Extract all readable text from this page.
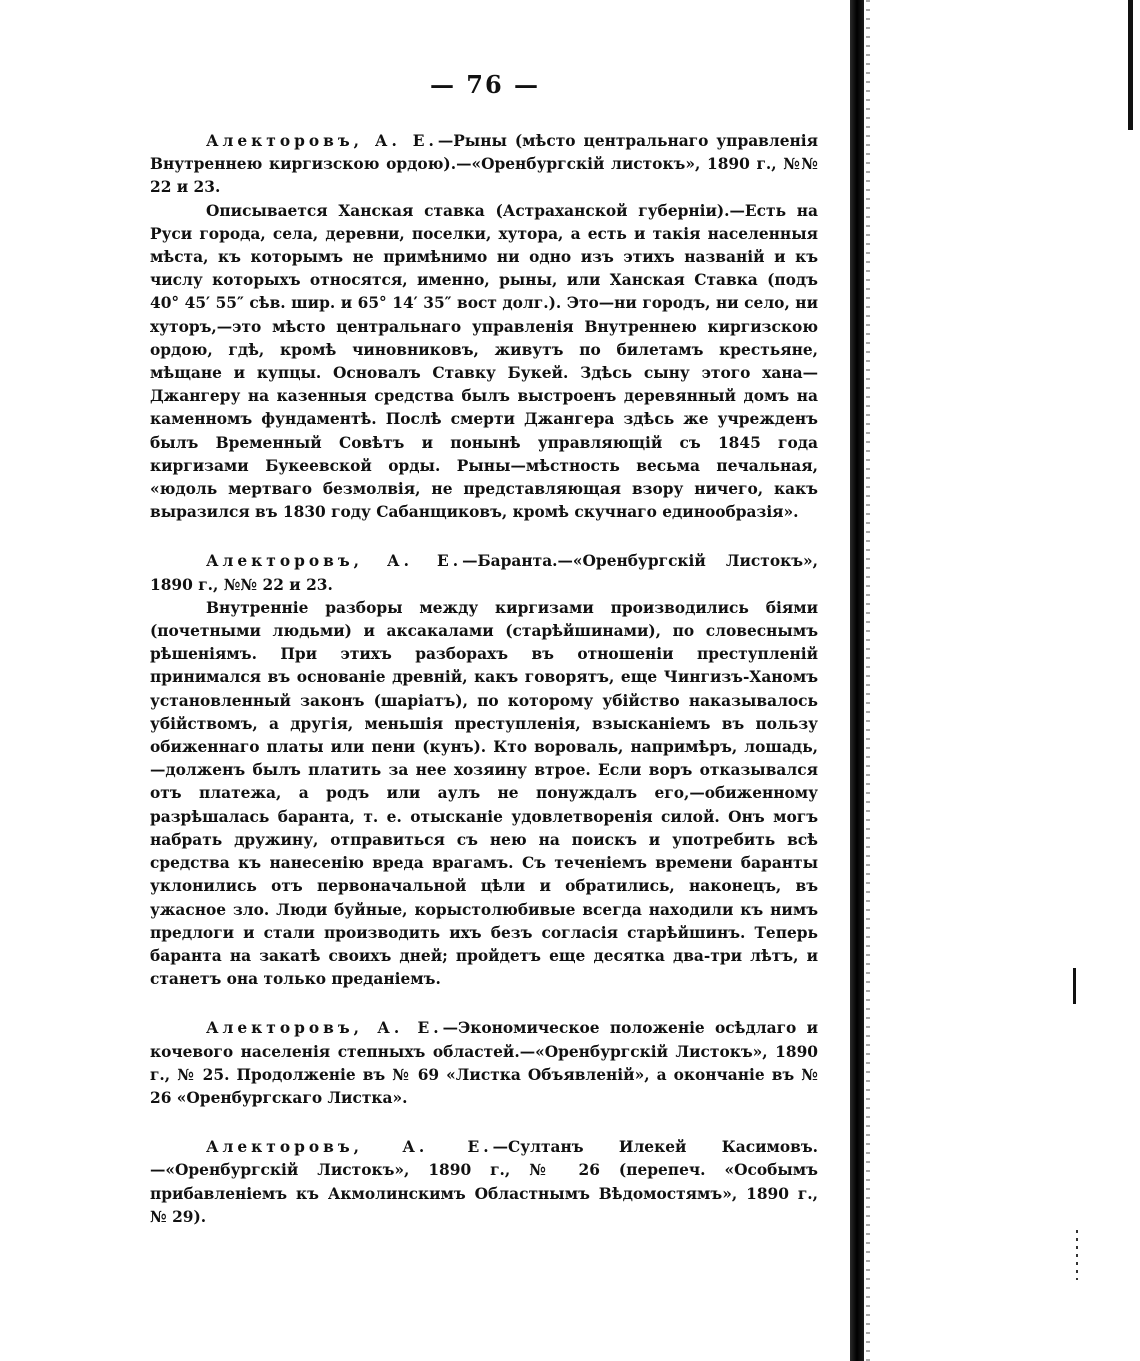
— 76 —

Алекторовъ, А. Е.—Рыны (мѣсто центральнаго управленія Внутреннею киргизскою ордою).—«Оренбургскій листокъ», 1890 г., №№ 22 и 23.

Описывается Ханская ставка (Астраханской губерніи).—Есть на Руси города, села, деревни, поселки, хутора, а есть и такія населенныя мѣста, къ которымъ не примѣнимо ни одно изъ этихъ названій и къ числу которыхъ относятся, именно, рыны, или Ханская Ставка (подъ 40° 45′ 55″ сѣв. шир. и 65° 14′ 35″ вост долг.). Это—ни городъ, ни село, ни хуторъ,—это мѣсто центральнаго управленія Внутреннею киргизскою ордою, гдѣ, кромѣ чиновниковъ, живутъ по билетамъ крестьяне, мѣщане и купцы. Основалъ Ставку Букей. Здѣсь сыну этого хана—Джангеру на казенныя средства былъ выстроенъ деревянный домъ на каменномъ фундаментѣ. Послѣ смерти Джангера здѣсь же учрежденъ былъ Временный Совѣтъ и понынѣ управляющій съ 1845 года киргизами Букеевской орды. Рыны—мѣстность весьма печальная, «юдоль мертваго безмолвія, не представляющая взору ничего, какъ выразился въ 1830 году Сабанщиковъ, кромѣ скучнаго единообразія».

Алекторовъ, А. Е.—Баранта.—«Оренбургскій Листокъ», 1890 г., №№ 22 и 23.

Внутренніе разборы между киргизами производились біями (почетными людьми) и аксакалами (старѣйшинами), по словеснымъ рѣшеніямъ. При этихъ разборахъ въ отношеніи преступленій принимался въ основаніе древній, какъ говорятъ, еще Чингизъ-Ханомъ установленный законъ (шаріатъ), по которому убійство наказывалось убійствомъ, а другія, меньшія преступленія, взысканіемъ въ пользу обиженнаго платы или пени (кунъ). Кто вороваль, напримѣръ, лошадь,—долженъ былъ платить за нее хозяину втрое. Если воръ отказывался отъ платежа, а родъ или аулъ не понуждалъ его,—обиженному разрѣшалась баранта, т. е. отысканіе удовлетворенія силой. Онъ могъ набрать дружину, отправиться съ нею на поискъ и употребить всѣ средства къ нанесенію вреда врагамъ. Съ теченіемъ времени баранты уклонились отъ первоначальной цѣли и обратились, наконецъ, въ ужасное зло. Люди буйные, корыстолюбивые всегда находили къ нимъ предлоги и стали производить ихъ безъ согласія старѣйшинъ. Теперь баранта на закатѣ своихъ дней; пройдетъ еще десятка два-три лѣтъ, и станетъ она только преданіемъ.

Алекторовъ, А. Е.—Экономическое положеніе осѣдлаго и кочевого населенія степныхъ областей.—«Оренбургскій Листокъ», 1890 г., № 25. Продолженіе въ № 69 «Листка Объявленій», а окончаніе въ № 26 «Оренбургскаго Листка».

Алекторовъ, А. Е.—Султанъ Илекей Касимовъ.—«Оренбургскій Листокъ», 1890 г., № 26 (перепеч. «Особымъ прибавленіемъ къ Акмолинскимъ Областнымъ Вѣдомостямъ», 1890 г., № 29).
